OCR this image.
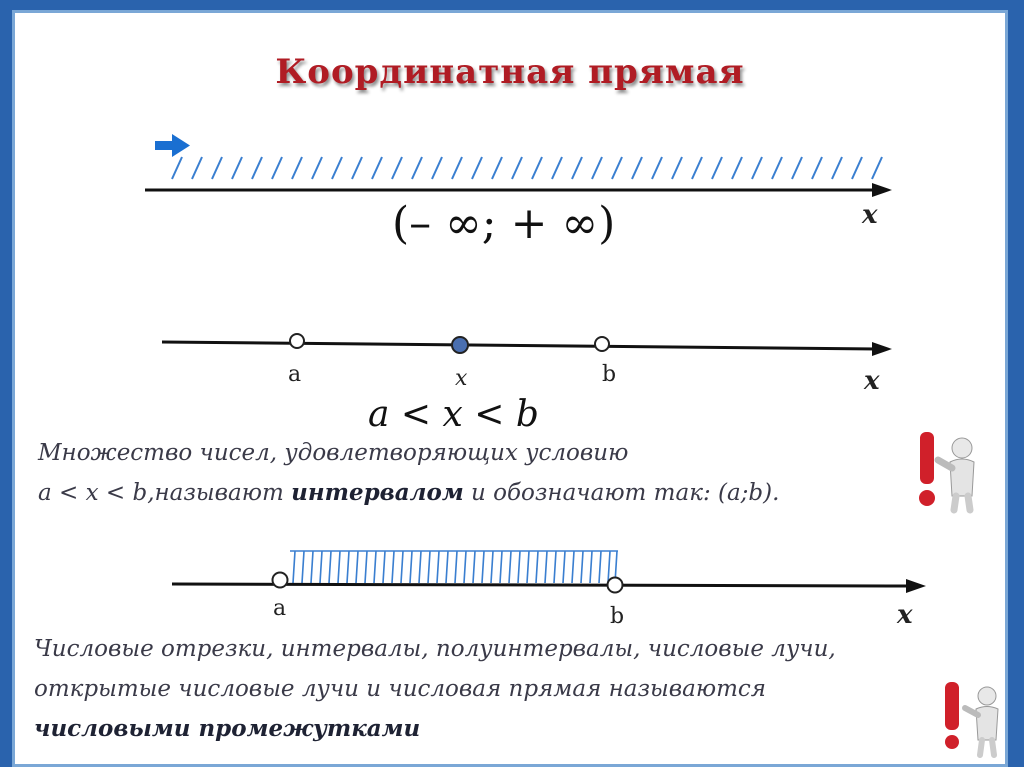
Координатная прямая
(– ∞; + ∞)	x
a	x	b	x
a < x < b
Множество чисел, удовлетворяющих условию
a < x < b,называют интервалом и обозначают так: (a;b).
a	b	x
Числовые отрезки, интервалы, полуинтервалы, числовые лучи,
открытые числовые лучи и числовая прямая называются
числовыми промежутками
